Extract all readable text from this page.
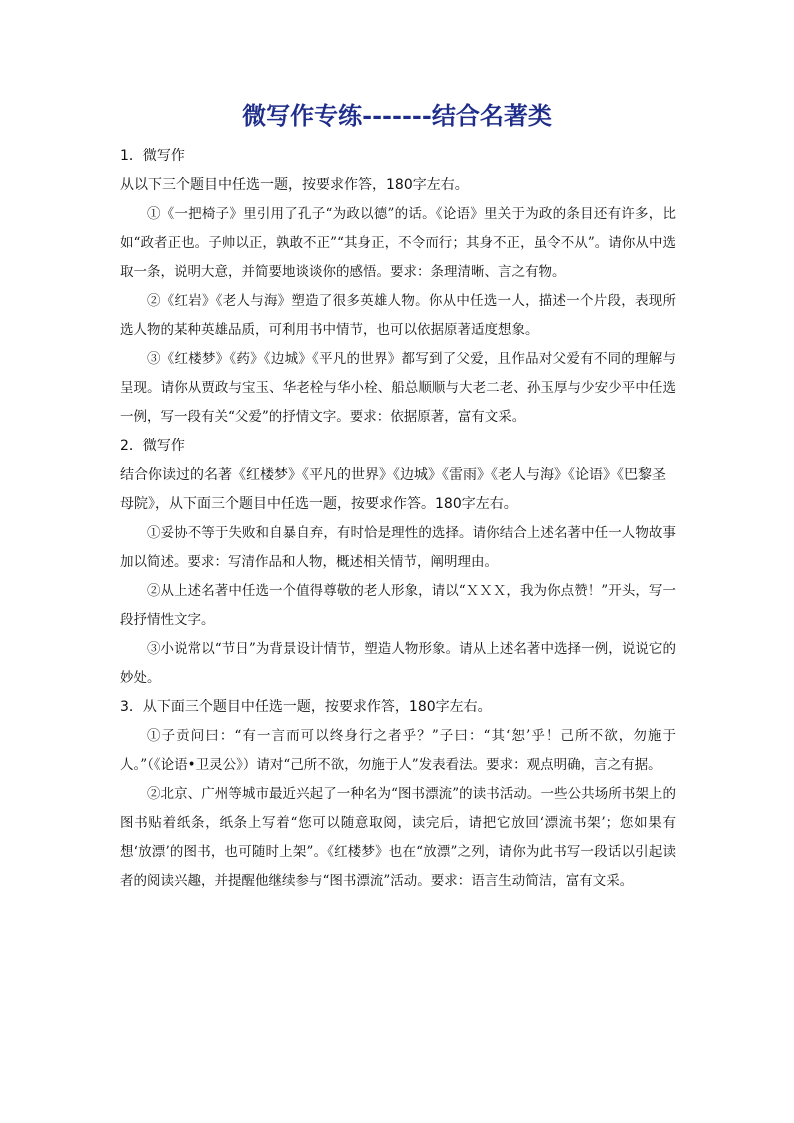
微写作专练-------结合名著类

1．微写作

从以下三个题目中任选一题，按要求作答，180字左右。

①《一把椅子》里引用了孔子“为政以德”的话。《论语》里关于为政的条目还有许多，比如“政者正也。子帅以正，孰敢不正”“其身正，不令而行；其身不正，虽令不从”。请你从中选取一条，说明大意，并简要地谈谈你的感悟。要求：条理清晰、言之有物。

②《红岩》《老人与海》塑造了很多英雄人物。你从中任选一人，描述一个片段，表现所选人物的某种英雄品质，可利用书中情节，也可以依据原著适度想象。

③《红楼梦》《药》《边城》《平凡的世界》都写到了父爱，且作品对父爱有不同的理解与呈现。请你从贾政与宝玉、华老栓与华小栓、船总顺顺与大老二老、孙玉厚与少安少平中任选一例，写一段有关“父爱”的抒情文字。要求：依据原著，富有文采。

2．微写作

结合你读过的名著《红楼梦》《平凡的世界》《边城》《雷雨》《老人与海》《论语》《巴黎圣母院》，从下面三个题目中任选一题，按要求作答。180字左右。

①妥协不等于失败和自暴自弃，有时恰是理性的选择。请你结合上述名著中任一人物故事加以简述。要求：写清作品和人物，概述相关情节，阐明理由。

②从上述名著中任选一个值得尊敬的老人形象，请以“ＸＸＸ，我为你点赞！”开头，写一段抒情性文字。

③小说常以“节日”为背景设计情节，塑造人物形象。请从上述名著中选择一例，说说它的妙处。

3．从下面三个题目中任选一题，按要求作答，180字左右。

①子贡问曰：“有一言而可以终身行之者乎？”子曰：“其‘恕’乎！己所不欲，勿施于人。”（《论语•卫灵公》）请对“己所不欲，勿施于人”发表看法。要求：观点明确，言之有据。

②北京、广州等城市最近兴起了一种名为“图书漂流”的读书活动。一些公共场所书架上的图书贴着纸条，纸条上写着“您可以随意取阅，读完后，请把它放回‘漂流书架’；您如果有想‘放漂’的图书，也可随时上架”。《红楼梦》也在“放漂”之列，请你为此书写一段话以引起读者的阅读兴趣，并提醒他继续参与“图书漂流”活动。要求：语言生动简洁，富有文采。
